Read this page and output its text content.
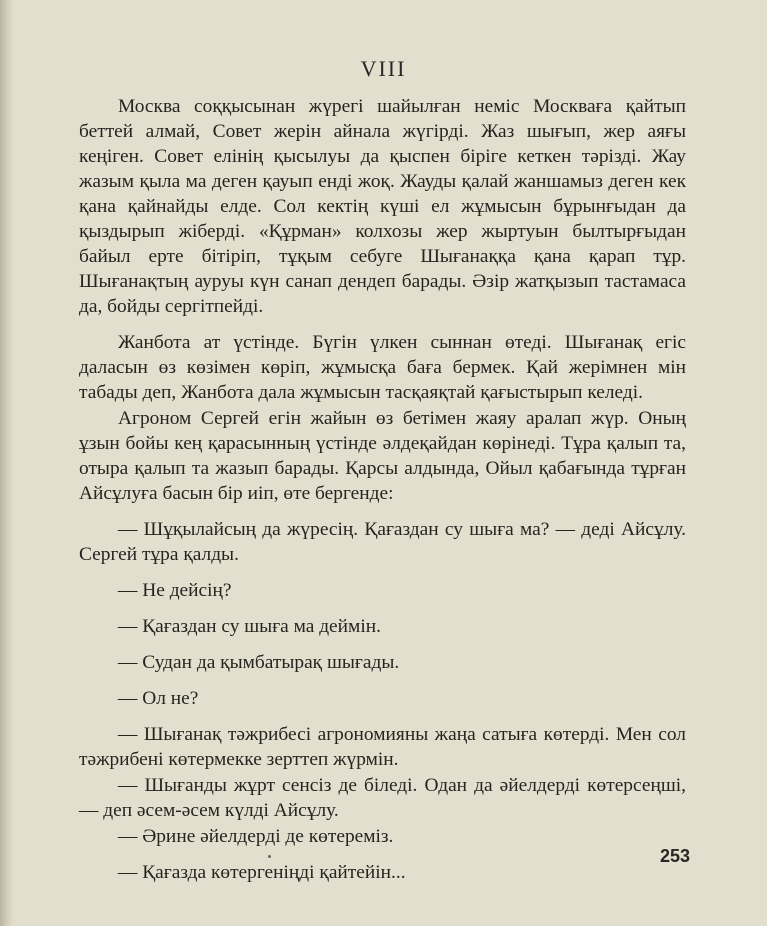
VIII

Москва соққысынан жүрегі шайылған неміс Москваға қайтып беттей алмай, Совет жерін айнала жүгірді. Жаз шығып, жер аяғы кеңіген. Совет елінің қысылуы да қыспен біріге кеткен тәрізді. Жау жазым қыла ма деген қауып енді жоқ. Жауды қалай жаншамыз деген кек қана қайнайды елде. Сол кектің күші ел жұмысын бұрынғыдан да қыздырып жіберді. «Құрман» колхозы жер жыртуын былтырғыдан байыл ерте бітіріп, тұқым себуге Шығанаққа қана қарап тұр. Шығанақтың ауруы күн санап дендеп барады. Әзір жатқызып тастамаса да, бойды сергітпейді.

Жанбота ат үстінде. Бүгін үлкен сыннан өтеді. Шығанақ егіс даласын өз көзімен көріп, жұмысқа баға бермек. Қай жерімнен мін табады деп, Жанбота дала жұмысын тасқаяқтай қағыстырып келеді.

Агроном Сергей егін жайын өз бетімен жаяу аралап жүр. Оның ұзын бойы кең қарасынның үстінде әлдеқайдан көрінеді. Тұра қалып та, отыра қалып та жазып барады. Қарсы алдында, Ойыл қабағында тұрған Айсұлуға басын бір иіп, өте бергенде:

— Шұқылайсың да жүресің. Қағаздан су шыға ма? — деді Айсұлу. Сергей тұра қалды.

— Не дейсің?

— Қағаздан су шыға ма деймін.

— Судан да қымбатырақ шығады.

— Ол не?

— Шығанақ тәжрибесі агрономияны жаңа сатыға көтерді. Мен сол тәжрибені көтермекке зерттеп жүрмін.

— Шығанды жұрт сенсіз де біледі. Одан да әйелдерді көтерсеңші, — деп әсем-әсем күлді Айсұлу.

— Әрине әйелдерді де көтереміз.

— Қағазда көтергеніңді қайтейін...

253
